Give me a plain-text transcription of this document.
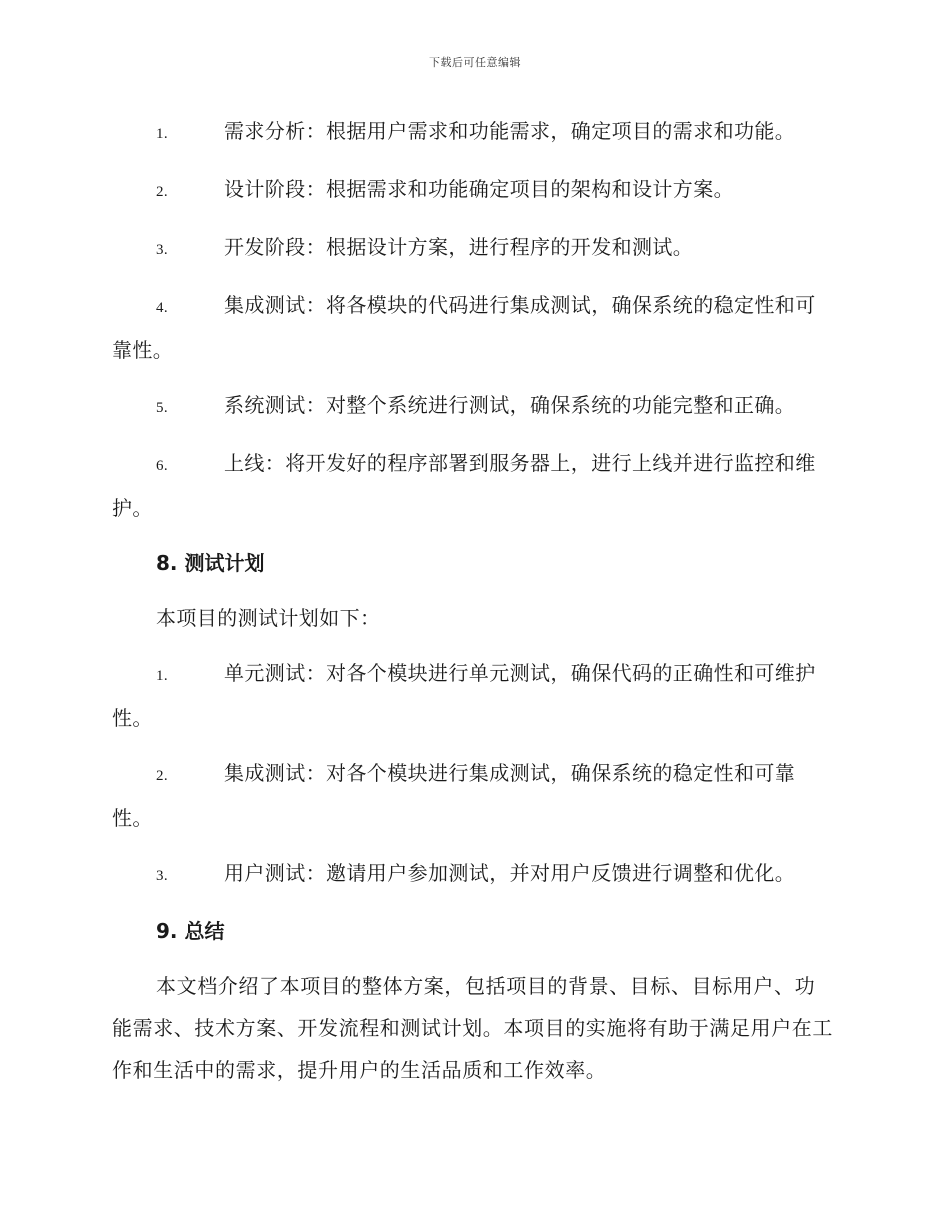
下载后可任意编辑
1.	需求分析：根据用户需求和功能需求，确定项目的需求和功能。
2.	设计阶段：根据需求和功能确定项目的架构和设计方案。
3.	开发阶段：根据设计方案，进行程序的开发和测试。
4.	集成测试：将各模块的代码进行集成测试，确保系统的稳定性和可靠性。
5.	系统测试：对整个系统进行测试，确保系统的功能完整和正确。
6.	上线：将开发好的程序部署到服务器上，进行上线并进行监控和维护。
8. 测试计划
本项目的测试计划如下：
1.	单元测试：对各个模块进行单元测试，确保代码的正确性和可维护性。
2.	集成测试：对各个模块进行集成测试，确保系统的稳定性和可靠性。
3.	用户测试：邀请用户参加测试，并对用户反馈进行调整和优化。
9. 总结
本文档介绍了本项目的整体方案，包括项目的背景、目标、目标用户、功能需求、技术方案、开发流程和测试计划。本项目的实施将有助于满足用户在工作和生活中的需求，提升用户的生活品质和工作效率。
